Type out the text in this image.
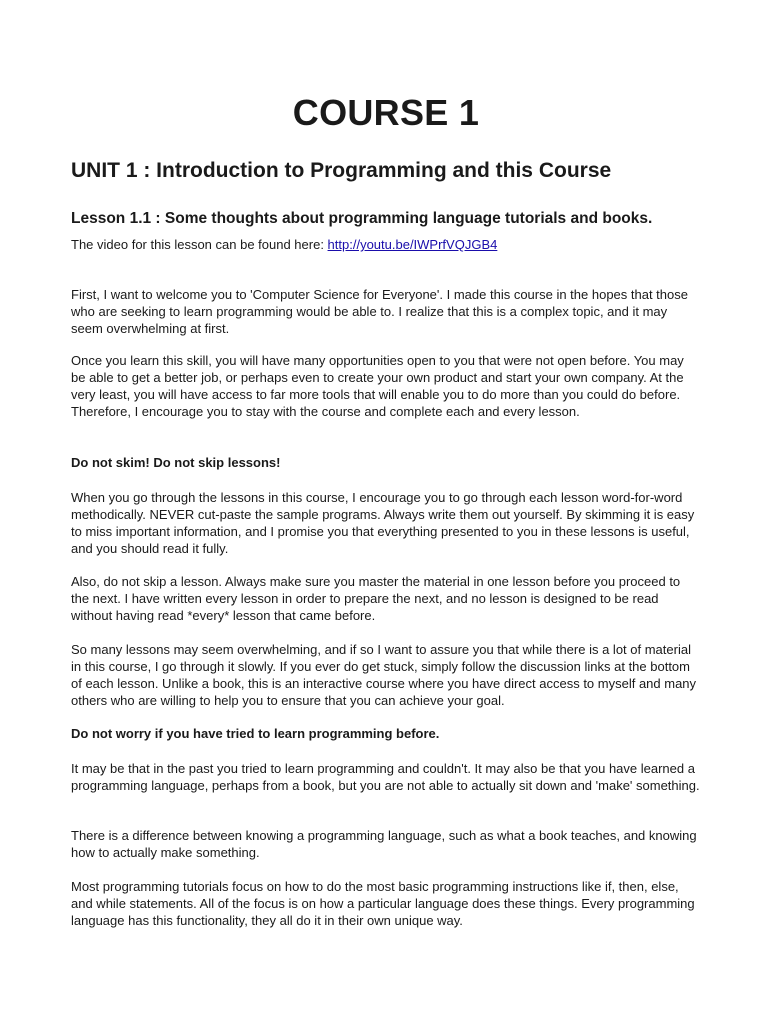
COURSE 1
UNIT 1 : Introduction to Programming and this Course
Lesson 1.1 : Some thoughts about programming language tutorials and books.

The video for this lesson can be found here: http://youtu.be/IWPrfVQJGB4

First, I want to welcome you to 'Computer Science for Everyone'. I made this course in the hopes that those who are seeking to learn programming would be able to. I realize that this is a complex topic, and it may seem overwhelming at first.

Once you learn this skill, you will have many opportunities open to you that were not open before. You may be able to get a better job, or perhaps even to create your own product and start your own company. At the very least, you will have access to far more tools that will enable you to do more than you could do before. Therefore, I encourage you to stay with the course and complete each and every lesson.

Do not skim! Do not skip lessons!

When you go through the lessons in this course, I encourage you to go through each lesson word-for-word methodically. NEVER cut-paste the sample programs. Always write them out yourself. By skimming it is easy to miss important information, and I promise you that everything presented to you in these lessons is useful, and you should read it fully.

Also, do not skip a lesson. Always make sure you master the material in one lesson before you proceed to the next. I have written every lesson in order to prepare the next, and no lesson is designed to be read without having read *every* lesson that came before.

So many lessons may seem overwhelming, and if so I want to assure you that while there is a lot of material in this course, I go through it slowly. If you ever do get stuck, simply follow the discussion links at the bottom of each lesson. Unlike a book, this is an interactive course where you have direct access to myself and many others who are willing to help you to ensure that you can achieve your goal.

Do not worry if you have tried to learn programming before.

It may be that in the past you tried to learn programming and couldn't. It may also be that you have learned a programming language, perhaps from a book, but you are not able to actually sit down and 'make' something.

There is a difference between knowing a programming language, such as what a book teaches, and knowing how to actually make something.

Most programming tutorials focus on how to do the most basic programming instructions like if, then, else, and while statements. All of the focus is on how a particular language does these things. Every programming language has this functionality, they all do it in their own unique way.
